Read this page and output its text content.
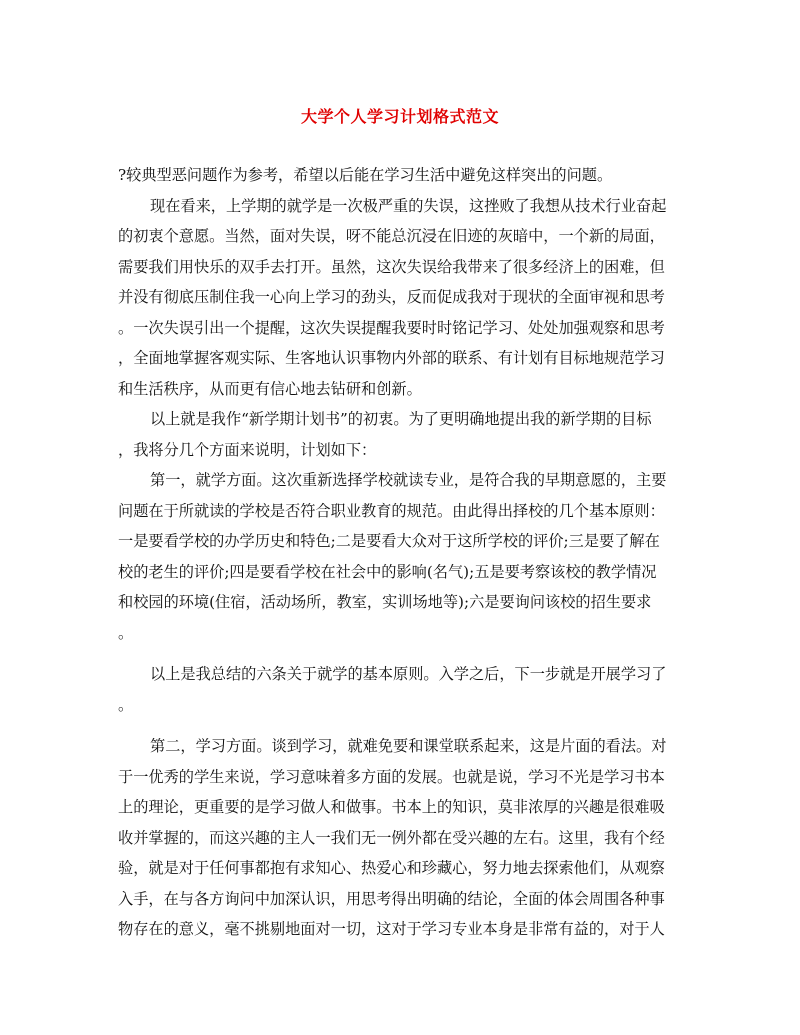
大学个人学习计划格式范文
?较典型恶问题作为参考，希望以后能在学习生活中避免这样突出的问题。
现在看来，上学期的就学是一次极严重的失误，这挫败了我想从技术行业奋起
的初衷个意愿。当然，面对失误，呀不能总沉浸在旧迹的灰暗中，一个新的局面，
需要我们用快乐的双手去打开。虽然，这次失误给我带来了很多经济上的困难，但
并没有彻底压制住我一心向上学习的劲头，反而促成我对于现状的全面审视和思考
。一次失误引出一个提醒，这次失误提醒我要时时铭记学习、处处加强观察和思考
，全面地掌握客观实际、生客地认识事物内外部的联系、有计划有目标地规范学习
和生活秩序，从而更有信心地去钻研和创新。
以上就是我作“新学期计划书”的初衷。为了更明确地提出我的新学期的目标
，我将分几个方面来说明，计划如下：
第一，就学方面。这次重新选择学校就读专业，是符合我的早期意愿的，主要
问题在于所就读的学校是否符合职业教育的规范。由此得出择校的几个基本原则：
一是要看学校的办学历史和特色;二是要看大众对于这所学校的评价;三是要了解在
校的老生的评价;四是要看学校在社会中的影响(名气);五是要考察该校的教学情况
和校园的环境(住宿，活动场所，教室，实训场地等);六是要询问该校的招生要求
。
以上是我总结的六条关于就学的基本原则。入学之后，下一步就是开展学习了
。
第二，学习方面。谈到学习，就难免要和课堂联系起来，这是片面的看法。对
于一优秀的学生来说，学习意味着多方面的发展。也就是说，学习不光是学习书本
上的理论，更重要的是学习做人和做事。书本上的知识，莫非浓厚的兴趣是很难吸
收并掌握的，而这兴趣的主人一我们无一例外都在受兴趣的左右。这里，我有个经
验，就是对于任何事都抱有求知心、热爱心和珍藏心，努力地去探索他们，从观察
入手，在与各方询问中加深认识，用思考得出明确的结论，全面的体会周围各种事
物存在的意义，毫不挑剔地面对一切，这对于学习专业本身是非常有益的，对于人
